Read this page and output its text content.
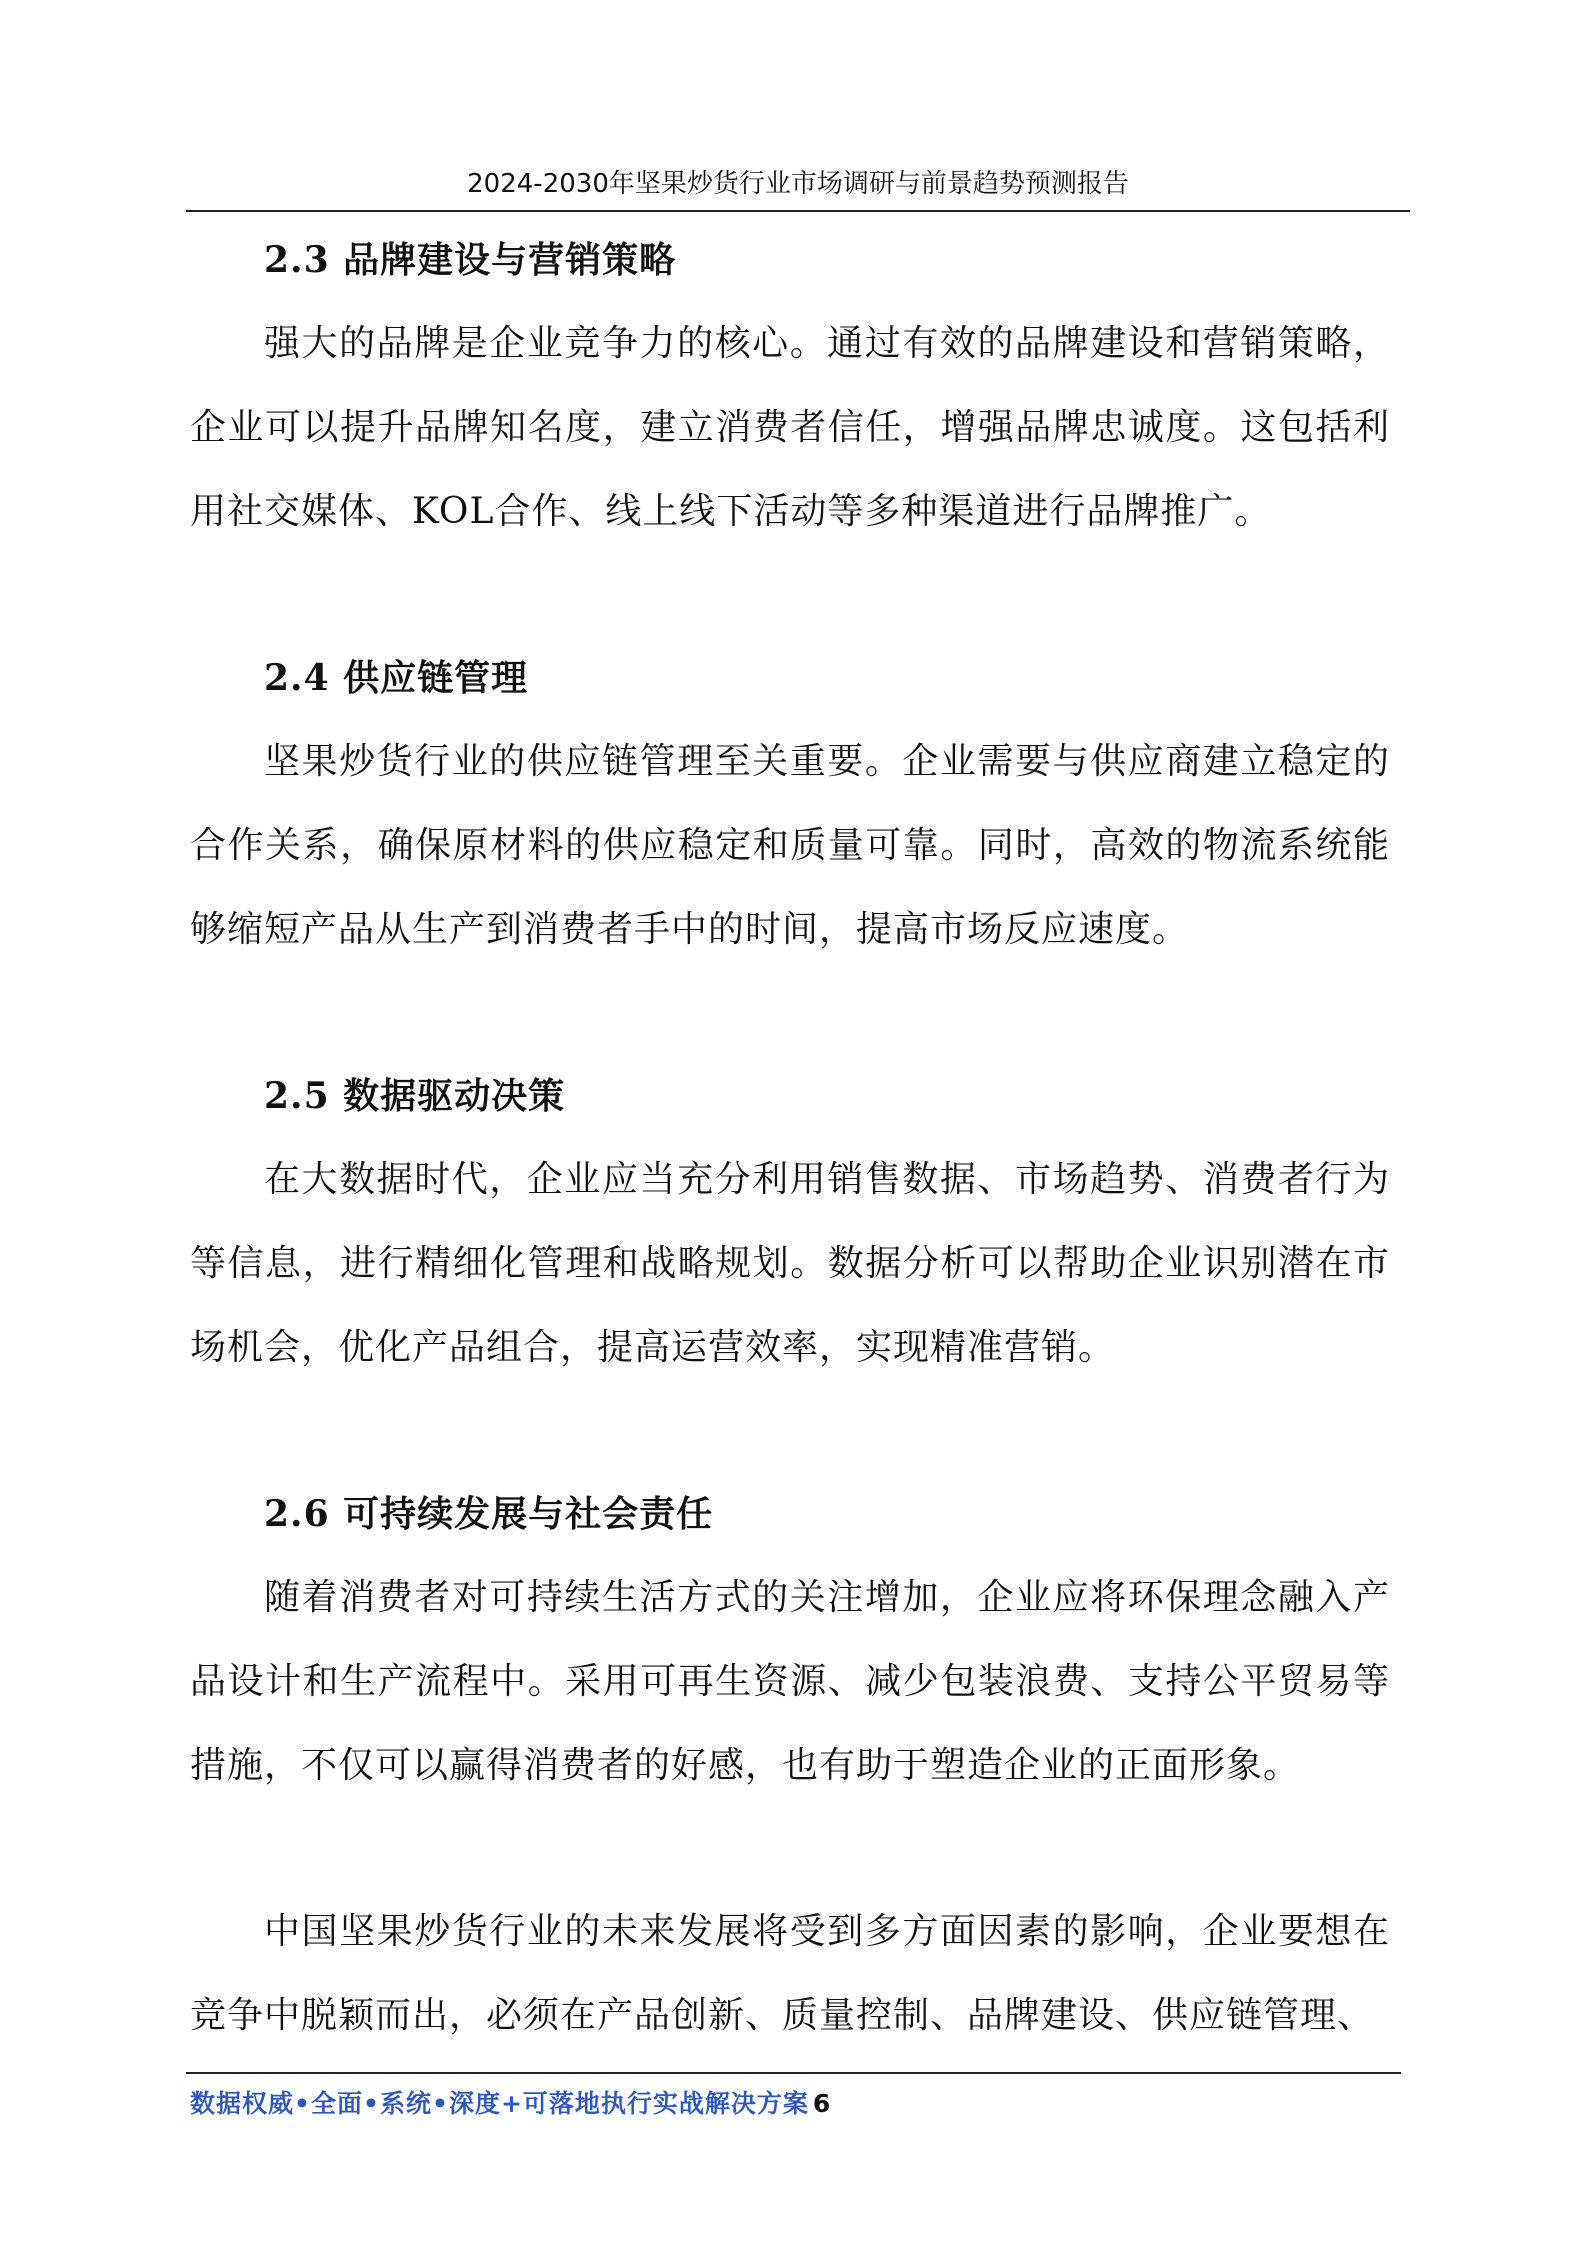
2024-2030年坚果炒货行业市场调研与前景趋势预测报告
2.3 品牌建设与营销策略

强大的品牌是企业竞争力的核心。通过有效的品牌建设和营销策略，企业可以提升品牌知名度，建立消费者信任，增强品牌忠诚度。这包括利用社交媒体、KOL合作、线上线下活动等多种渠道进行品牌推广。

2.4 供应链管理

坚果炒货行业的供应链管理至关重要。企业需要与供应商建立稳定的合作关系，确保原材料的供应稳定和质量可靠。同时，高效的物流系统能够缩短产品从生产到消费者手中的时间，提高市场反应速度。

2.5 数据驱动决策

在大数据时代，企业应当充分利用销售数据、市场趋势、消费者行为等信息，进行精细化管理和战略规划。数据分析可以帮助企业识别潜在市场机会，优化产品组合，提高运营效率，实现精准营销。

2.6 可持续发展与社会责任

随着消费者对可持续生活方式的关注增加，企业应将环保理念融入产品设计和生产流程中。采用可再生资源、减少包装浪费、支持公平贸易等措施，不仅可以赢得消费者的好感，也有助于塑造企业的正面形象。

中国坚果炒货行业的未来发展将受到多方面因素的影响，企业要想在竞争中脱颖而出，必须在产品创新、质量控制、品牌建设、供应链管理、

数据权威•全面•系统•深度+可落地执行实战解决方案 6
